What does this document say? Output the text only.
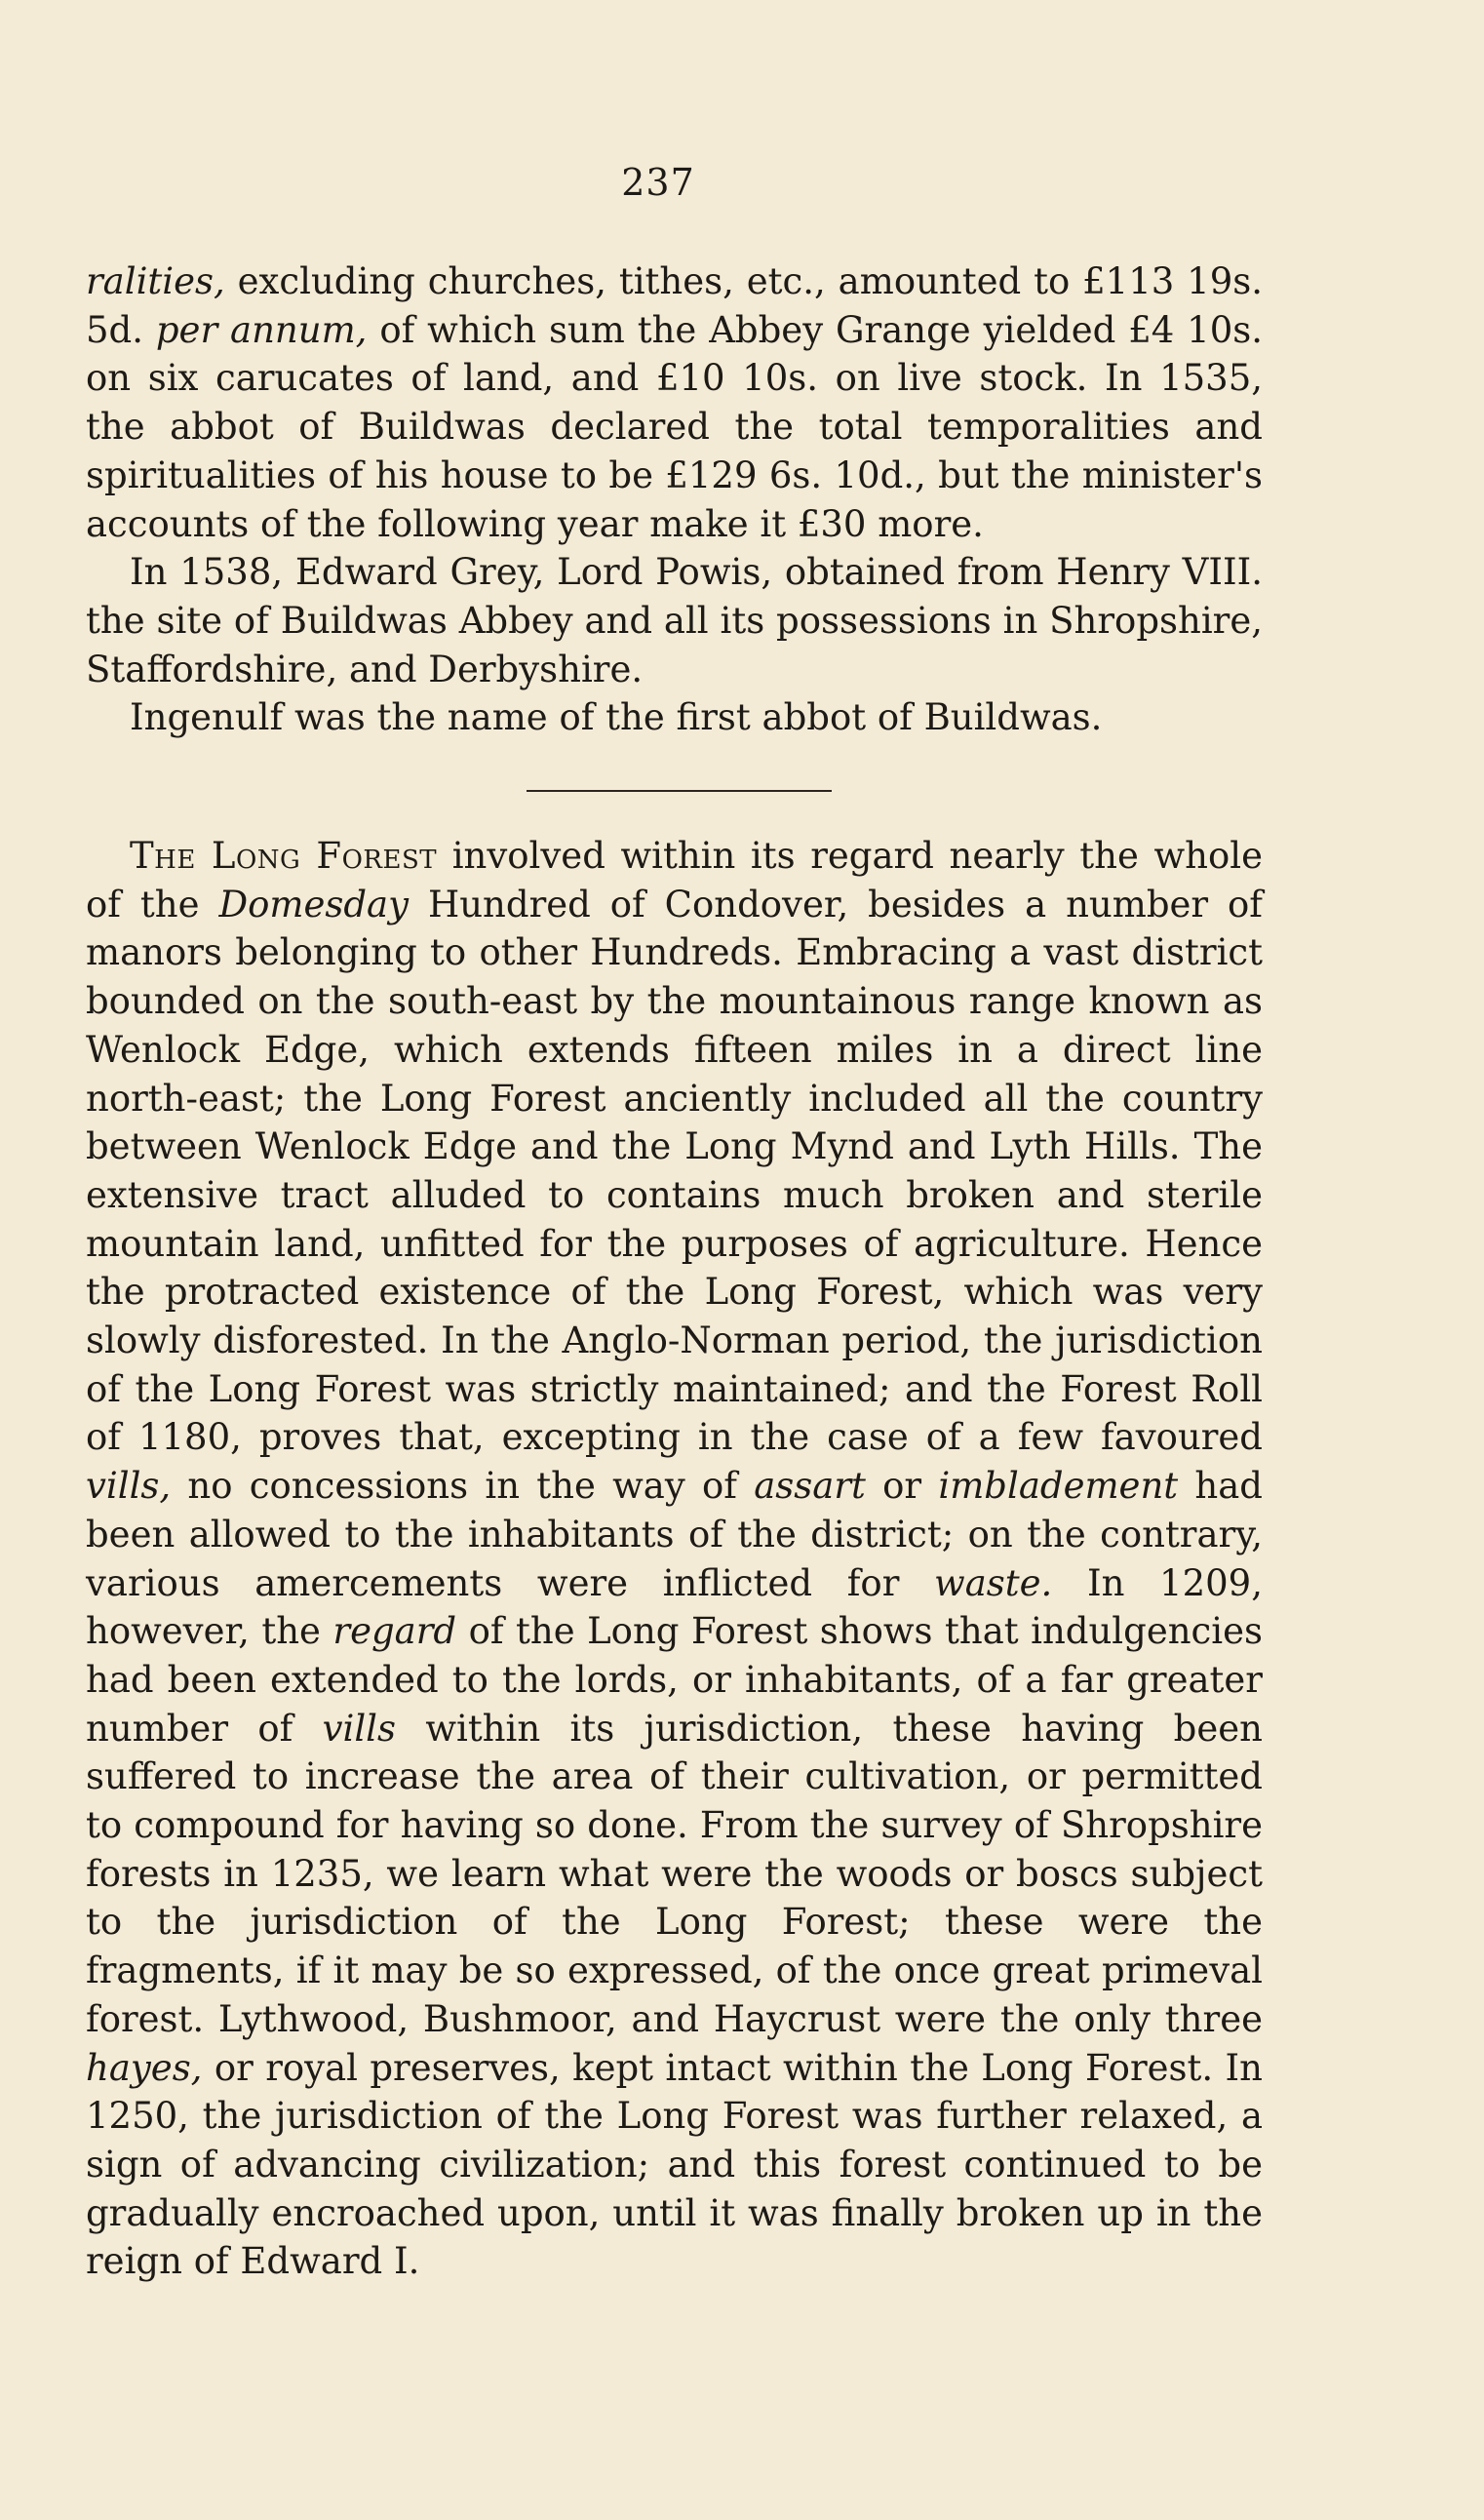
237

ralities, excluding churches, tithes, etc., amounted to £113 19s. 5d. per annum, of which sum the Abbey Grange yielded £4 10s. on six carucates of land, and £10 10s. on live stock. In 1535, the abbot of Buildwas declared the total temporalities and spiritualities of his house to be £129 6s. 10d., but the minister's accounts of the following year make it £30 more.

In 1538, Edward Grey, Lord Powis, obtained from Henry VIII. the site of Buildwas Abbey and all its possessions in Shropshire, Staffordshire, and Derbyshire.

Ingenulf was the name of the first abbot of Buildwas.

The Long Forest involved within its regard nearly the whole of the Domesday Hundred of Condover, besides a number of manors belonging to other Hundreds. Embracing a vast district bounded on the south-east by the mountainous range known as Wenlock Edge, which extends fifteen miles in a direct line north-east; the Long Forest anciently included all the country between Wenlock Edge and the Long Mynd and Lyth Hills. The extensive tract alluded to contains much broken and sterile mountain land, unfitted for the purposes of agriculture. Hence the protracted existence of the Long Forest, which was very slowly disforested. In the Anglo-Norman period, the jurisdiction of the Long Forest was strictly maintained; and the Forest Roll of 1180, proves that, excepting in the case of a few favoured vills, no concessions in the way of assart or imbladement had been allowed to the inhabitants of the district; on the contrary, various amercements were inflicted for waste. In 1209, however, the regard of the Long Forest shows that indulgencies had been extended to the lords, or inhabitants, of a far greater number of vills within its jurisdiction, these having been suffered to increase the area of their cultivation, or permitted to compound for having so done. From the survey of Shropshire forests in 1235, we learn what were the woods or boscs subject to the jurisdiction of the Long Forest; these were the fragments, if it may be so expressed, of the once great primeval forest. Lythwood, Bushmoor, and Haycrust were the only three hayes, or royal preserves, kept intact within the Long Forest. In 1250, the jurisdiction of the Long Forest was further relaxed, a sign of advancing civilization; and this forest continued to be gradually encroached upon, until it was finally broken up in the reign of Edward I.
